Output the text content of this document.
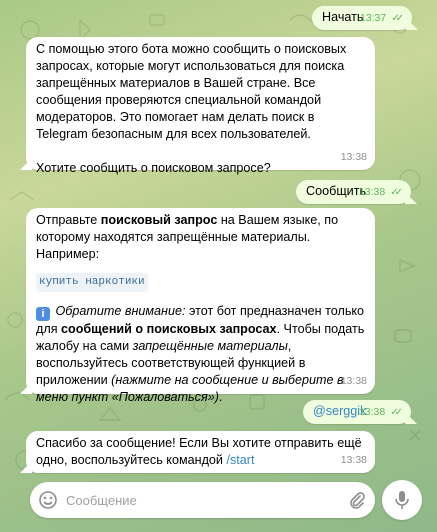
Начать
13:37 ✓✓
С помощью этого бота можно сообщить о поисковых запросах, которые могут использоваться для поиска запрещённых материалов в Вашей стране. Все сообщения проверяются специальной командой модераторов. Это помогает нам делать поиск в Telegram безопасным для всех пользователей.
Хотите сообщить о поисковом запросе?
13:38
Сообщить
13:38 ✓✓
Отправьте поисковый запрос на Вашем языке, по которому находятся запрещённые материалы. Например:
купить наркотики
i Обратите внимание: этот бот предназначен только для сообщений о поисковых запросах. Чтобы подать жалобу на сами запрещённые материалы, воспользуйтесь соответствующей функцией в приложении (нажмите на сообщение и выберите в меню пункт «Пожаловаться»).
13:38
@serggik
13:38 ✓✓
Спасибо за сообщение! Если Вы хотите отправить ещё одно, воспользуйтесь командой /start	13:38
Сообщение
